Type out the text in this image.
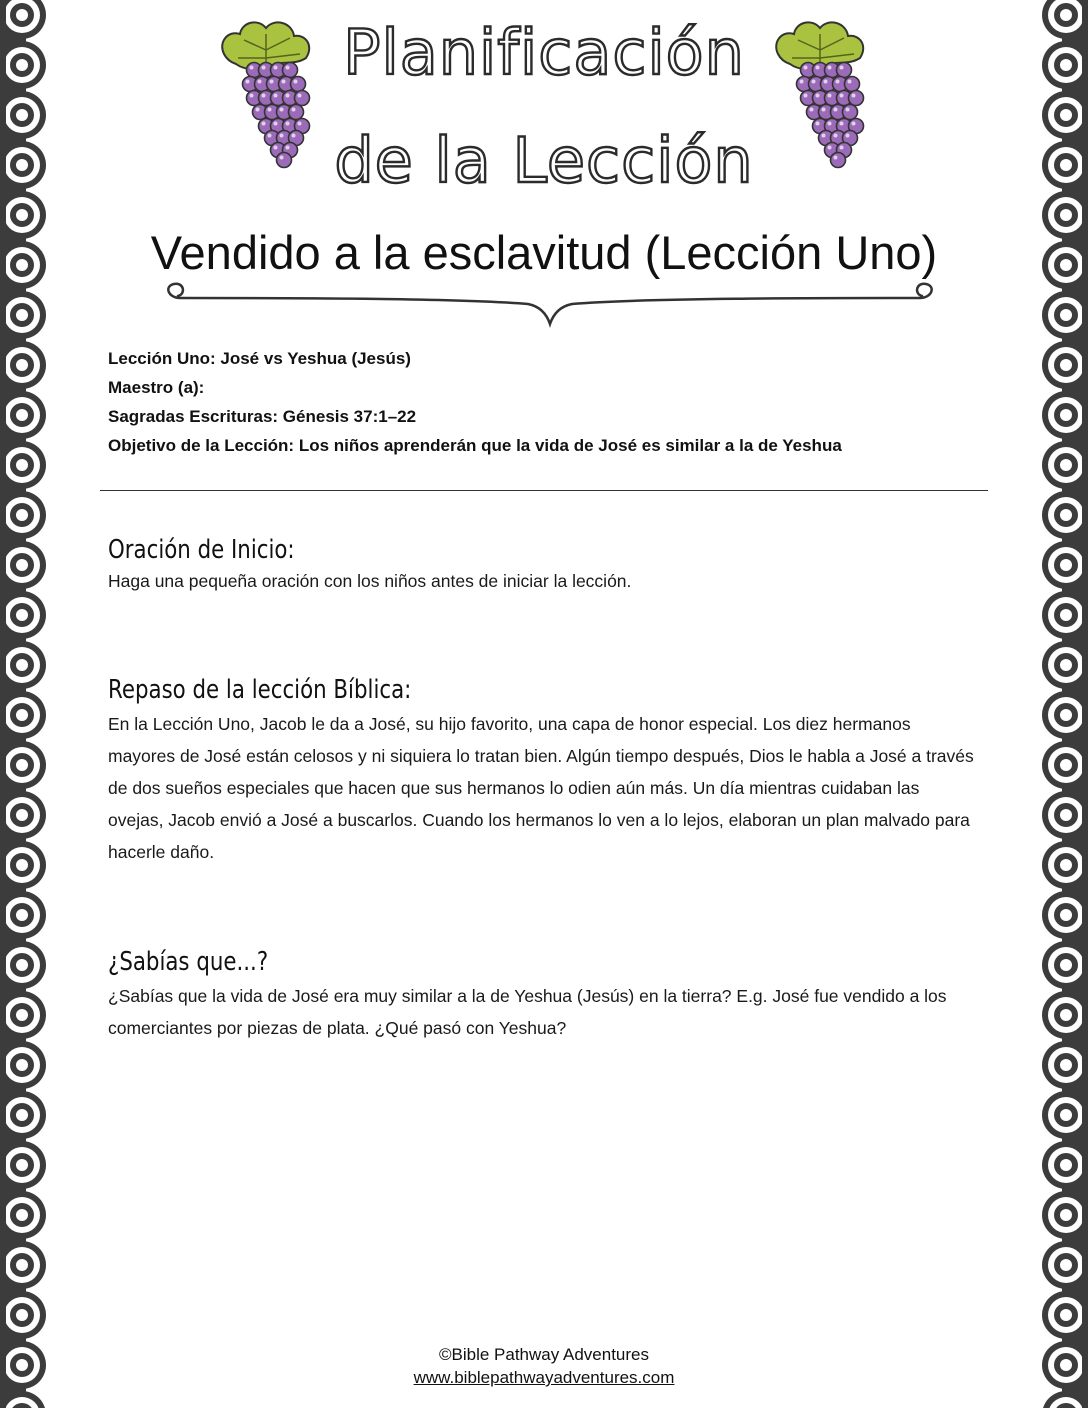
Planificación
de la Lección
Vendido a la esclavitud (Lección Uno)
Lección Uno: José vs Yeshua (Jesús)
Maestro (a):
Sagradas Escrituras: Génesis 37:1–22
Objetivo de la Lección: Los niños aprenderán que la vida de José es similar a la de Yeshua
Oración de Inicio:

Haga una pequeña oración con los niños antes de iniciar la lección.

Repaso de la lección Bíblica:

En la Lección Uno, Jacob le da a José, su hijo favorito, una capa de honor especial. Los diez hermanos mayores de José están celosos y ni siquiera lo tratan bien. Algún tiempo después, Dios le habla a José a través de dos sueños especiales que hacen que sus hermanos lo odien aún más. Un día mientras cuidaban las ovejas, Jacob envió a José a buscarlos. Cuando los hermanos lo ven a lo lejos, elaboran un plan malvado para hacerle daño.

¿Sabías que...?

¿Sabías que la vida de José era muy similar a la de Yeshua (Jesús) en la tierra? E.g. José fue vendido a los comerciantes por piezas de plata. ¿Qué pasó con Yeshua?

©Bible Pathway Adventures
www.biblepathwayadventures.com
